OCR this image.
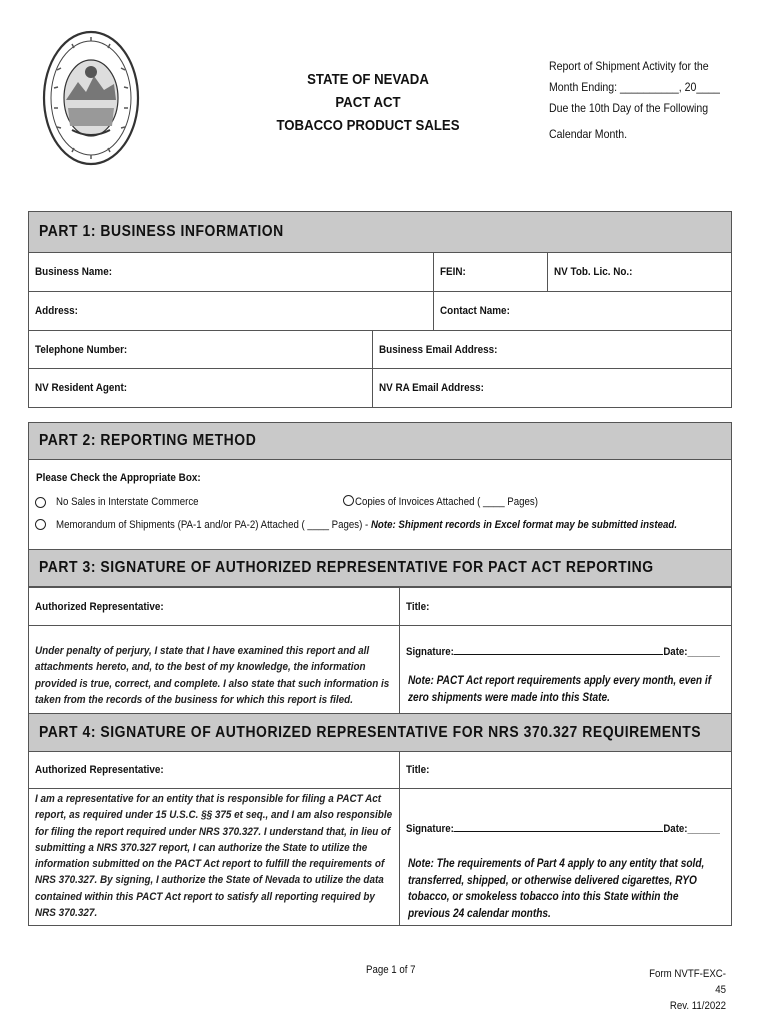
STATE OF NEVADA
PACT ACT
TOBACCO PRODUCT SALES
Report of Shipment Activity for the
Month Ending: __________, 20____
Due the 10th Day of the Following
Calendar Month.
PART 1: BUSINESS INFORMATION
Business Name:	FEIN:	NV Tob. Lic. No.:
Address:	Contact Name:
Telephone Number:	Business Email Address:
NV Resident Agent:	NV RA Email Address:
PART 2: REPORTING METHOD
Please Check the Appropriate Box:
No Sales in Interstate Commerce	Copies of Invoices Attached ( ____ Pages)
Memorandum of Shipments (PA-1 and/or PA-2) Attached ( ____ Pages) - Note: Shipment records in Excel format may be submitted instead.
PART 3: SIGNATURE OF AUTHORIZED REPRESENTATIVE FOR PACT ACT REPORTING
Authorized Representative:	Title:
Under penalty of perjury, I state that I have examined this report and all attachments hereto, and, to the best of my knowledge, the information provided is true, correct, and complete. I also state that such information is taken from the records of the business for which this report is filed.
Signature:	Date:______
Note: PACT Act report requirements apply every month, even if zero shipments were made into this State.
PART 4: SIGNATURE OF AUTHORIZED REPRESENTATIVE FOR NRS 370.327 REQUIREMENTS
Authorized Representative:	Title:
I am a representative for an entity that is responsible for filing a PACT Act report, as required under 15 U.S.C. §§ 375 et seq., and I am also responsible for filing the report required under NRS 370.327. I understand that, in lieu of submitting a NRS 370.327 report, I can authorize the State to utilize the information submitted on the PACT Act report to fulfill the requirements of NRS 370.327. By signing, I authorize the State of Nevada to utilize the data contained within this PACT Act report to satisfy all reporting required by NRS 370.327.
Signature:	Date:______
Note: The requirements of Part 4 apply to any entity that sold, transferred, shipped, or otherwise delivered cigarettes, RYO tobacco, or smokeless tobacco into this State within the previous 24 calendar months.
Page 1 of 7	Form NVTF-EXC-45
Rev. 11/2022
